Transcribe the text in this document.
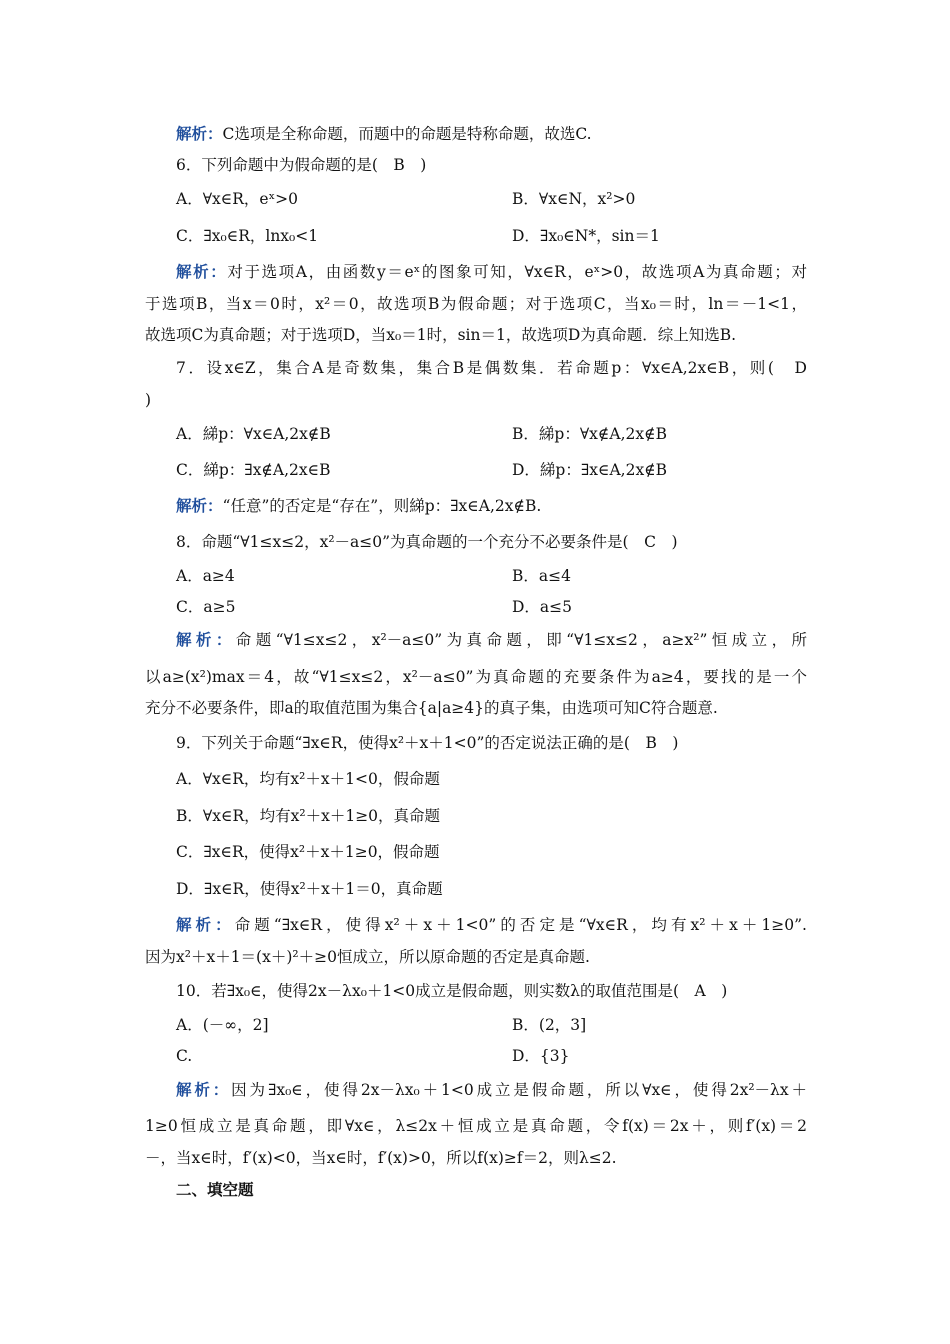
解析：C选项是全称命题，而题中的命题是特称命题，故选C.
6．下列命题中为假命题的是(　B　)
A．∀x∈R，eˣ>0	B．∀x∈N，x²>0
C．∃x₀∈R，lnx₀<1	D．∃x₀∈N*，sin＝1
解析：对于选项A，由函数y＝eˣ的图象可知，∀x∈R，eˣ>0，故选项A为真命题；对
于选项B，当x＝0时，x²＝0，故选项B为假命题；对于选项C，当x₀＝时，ln＝－1<1，
故选项C为真命题；对于选项D，当x₀＝1时，sin＝1，故选项D为真命题．综上知选B.
7．设x∈Z，集合A是奇数集，集合B是偶数集．若命题p：∀x∈A,2x∈B，则(　D
)
A．綈p：∀x∈A,2x∉B	B．綈p：∀x∉A,2x∉B
C．綈p：∃x∉A,2x∈B	D．綈p：∃x∈A,2x∉B
解析：“任意”的否定是“存在”，则綈p：∃x∈A,2x∉B.
8．命题“∀1≤x≤2，x²－a≤0”为真命题的一个充分不必要条件是(　C　)
A．a≥4	B．a≤4
C．a≥5	D．a≤5
解析：命题“∀1≤x≤2，x²－a≤0”为真命题，即“∀1≤x≤2，a≥x²”恒成立，所
以a≥(x²)max＝4，故“∀1≤x≤2，x²－a≤0”为真命题的充要条件为a≥4，要找的是一个
充分不必要条件，即a的取值范围为集合{a|a≥4}的真子集，由选项可知C符合题意.
9．下列关于命题“∃x∈R，使得x²＋x＋1<0”的否定说法正确的是(　B　)
A．∀x∈R，均有x²＋x＋1<0，假命题
B．∀x∈R，均有x²＋x＋1≥0，真命题
C．∃x∈R，使得x²＋x＋1≥0，假命题
D．∃x∈R，使得x²＋x＋1＝0，真命题
解析：命题“∃x∈R，使得x²＋x＋1<0”的否定是“∀x∈R，均有x²＋x＋1≥0”.
因为x²＋x＋1＝(x＋)²＋≥0恒成立，所以原命题的否定是真命题.
10．若∃x₀∈，使得2x－λx₀＋1<0成立是假命题，则实数λ的取值范围是(　A　)
A．(－∞，2]	B．(2，3]
C.	D．{3}
解析：因为∃x₀∈，使得2x－λx₀＋1<0成立是假命题，所以∀x∈，使得2x²－λx＋
1≥0恒成立是真命题，即∀x∈，λ≤2x＋恒成立是真命题，令f(x)＝2x＋，则f′(x)＝2
－，当x∈时，f′(x)<0，当x∈时，f′(x)>0，所以f(x)≥f＝2，则λ≤2.
二、填空题
